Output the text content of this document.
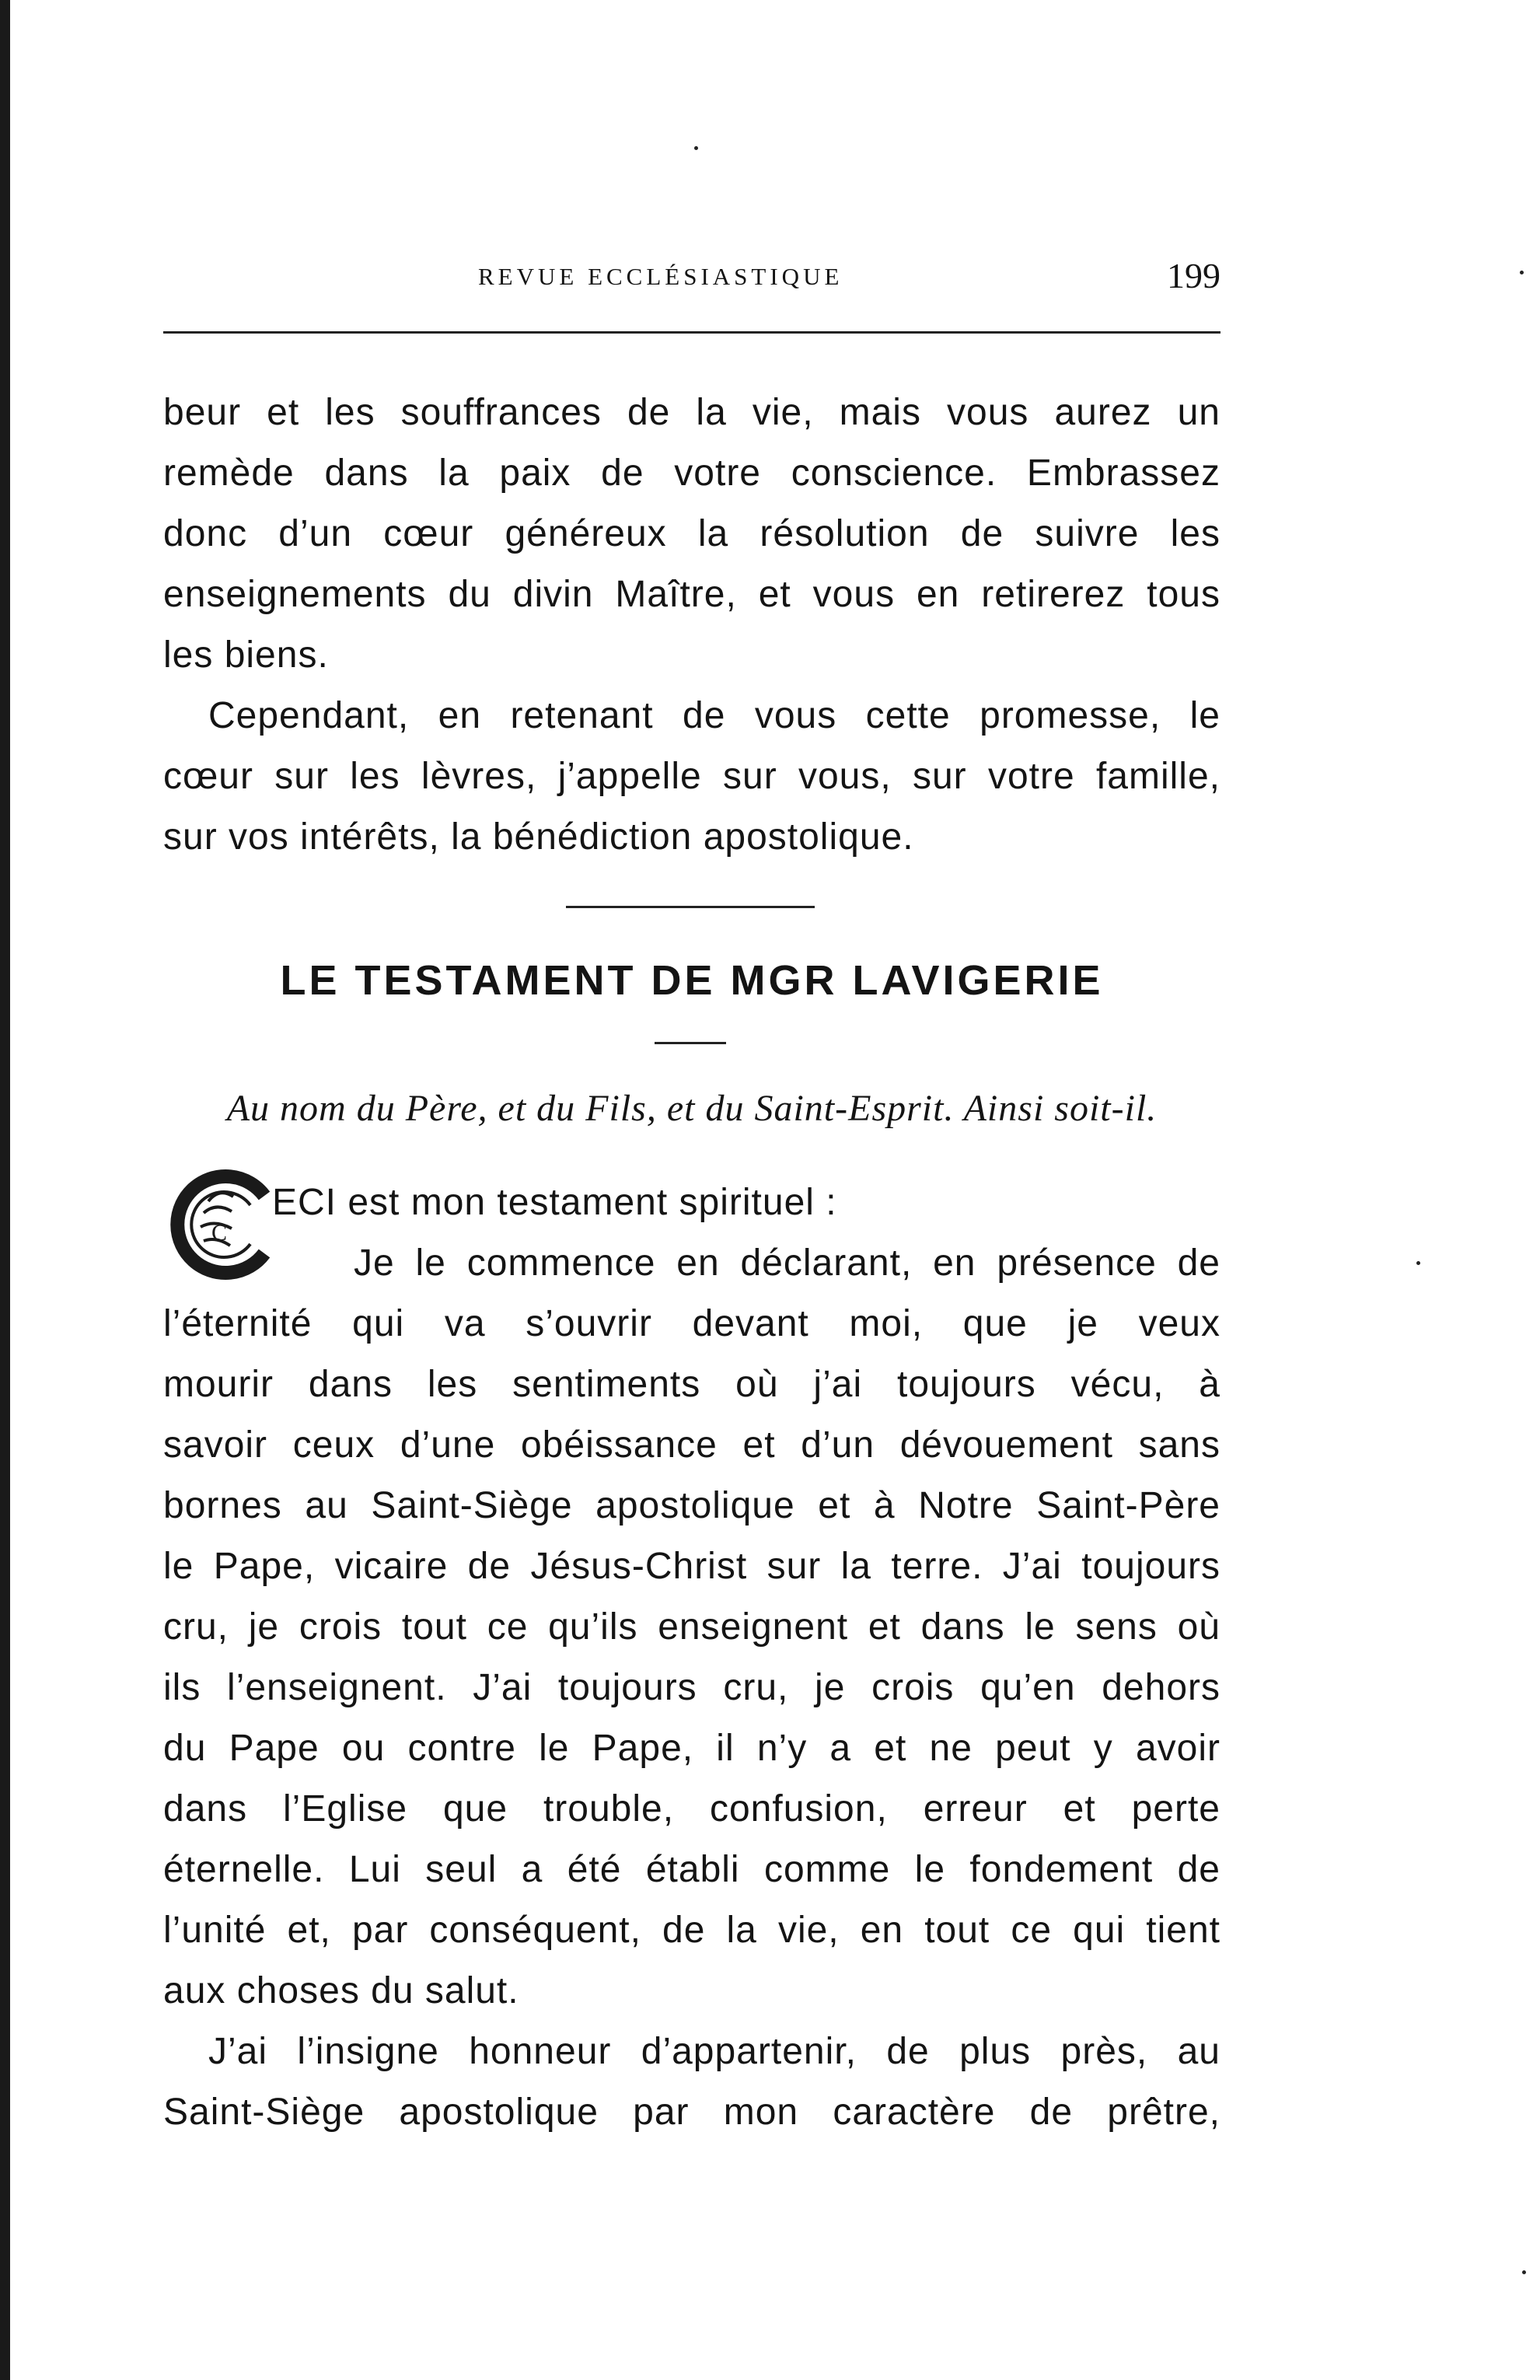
REVUE ECCLÉSIASTIQUE	199
beur et les souffrances de la vie, mais vous aurez un
remède dans la paix de votre conscience. Embrassez
donc d’un cœur généreux la résolution de suivre les
enseignements du divin Maître, et vous en retirerez tous
les biens.
Cependant, en retenant de vous cette promesse, le
cœur sur les lèvres, j’appelle sur vous, sur votre famille,
sur vos intérêts, la bénédiction apostolique.
LE TESTAMENT DE MGR LAVIGERIE
Au nom du Père, et du Fils, et du Saint-Esprit. Ainsi soit-il.
C
ECI est mon testament spirituel :
Je le commence en déclarant, en présence de
l’éternité qui va s’ouvrir devant moi, que je veux
mourir dans les sentiments où j’ai toujours vécu, à
savoir ceux d’une obéissance et d’un dévouement sans
bornes au Saint-Siège apostolique et à Notre Saint-Père
le Pape, vicaire de Jésus-Christ sur la terre. J’ai toujours
cru, je crois tout ce qu’ils enseignent et dans le sens où
ils l’enseignent. J’ai toujours cru, je crois qu’en dehors
du Pape ou contre le Pape, il n’y a et ne peut y avoir
dans l’Eglise que trouble, confusion, erreur et perte
éternelle. Lui seul a été établi comme le fondement de
l’unité et, par conséquent, de la vie, en tout ce qui tient
aux choses du salut.
J’ai l’insigne honneur d’appartenir, de plus près, au
Saint-Siège apostolique par mon caractère de prêtre,
